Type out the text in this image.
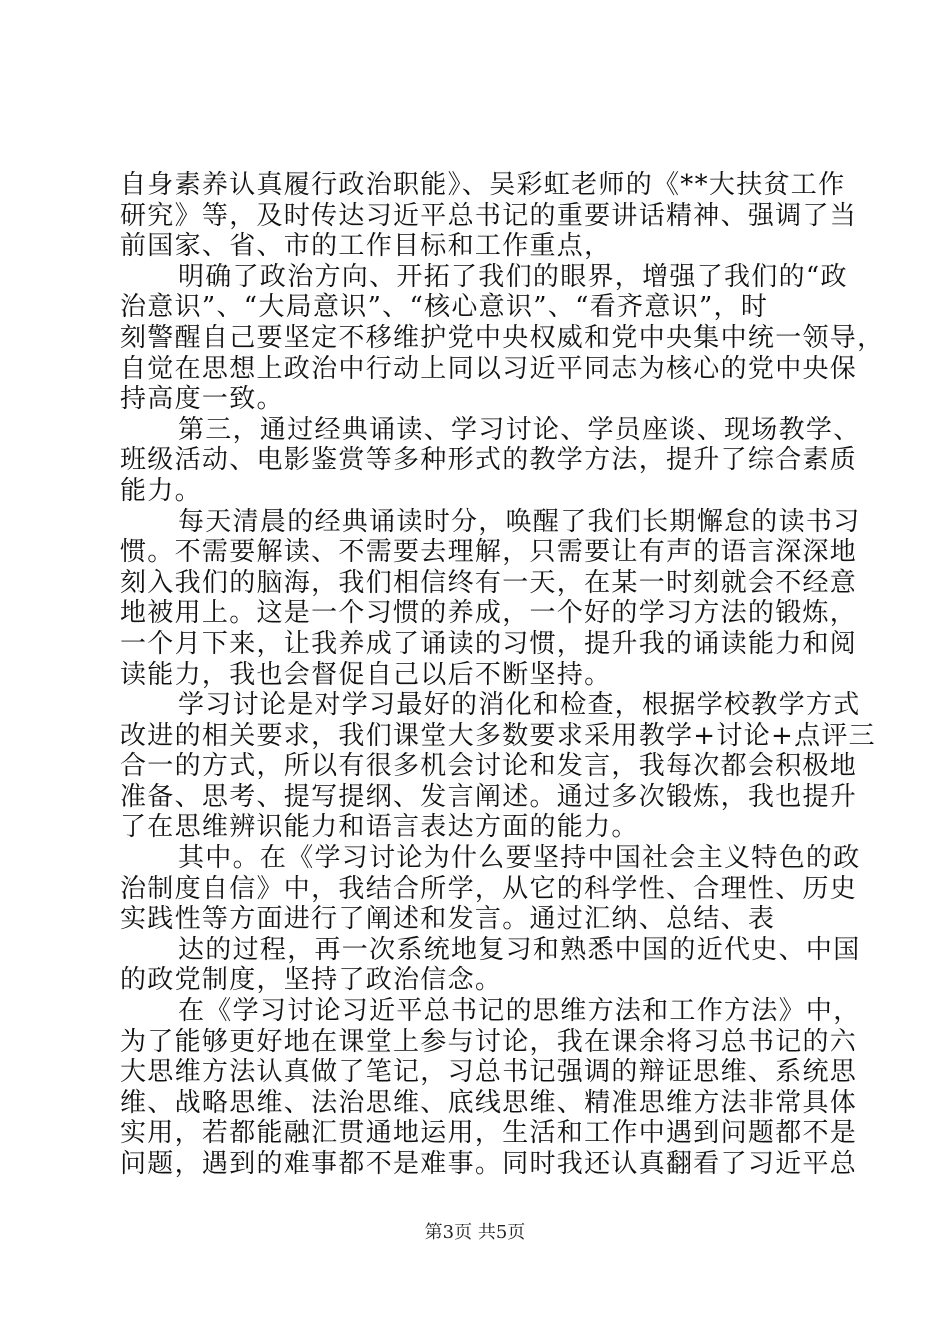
自身素养认真履行政治职能》、吴彩虹老师的《**大扶贫工作
研究》等，及时传达习近平总书记的重要讲话精神、强调了当
前国家、省、市的工作目标和工作重点，
明确了政治方向、开拓了我们的眼界，增强了我们的“政
治意识”、“大局意识”、“核心意识”、“看齐意识”，时
刻警醒自己要坚定不移维护党中央权威和党中央集中统一领导，
自觉在思想上政治中行动上同以习近平同志为核心的党中央保
持高度一致。
第三，通过经典诵读、学习讨论、学员座谈、现场教学、
班级活动、电影鉴赏等多种形式的教学方法，提升了综合素质
能力。
每天清晨的经典诵读时分，唤醒了我们长期懈怠的读书习
惯。不需要解读、不需要去理解，只需要让有声的语言深深地
刻入我们的脑海，我们相信终有一天，在某一时刻就会不经意
地被用上。这是一个习惯的养成，一个好的学习方法的锻炼，
一个月下来，让我养成了诵读的习惯，提升我的诵读能力和阅
读能力，我也会督促自己以后不断坚持。
学习讨论是对学习最好的消化和检查，根据学校教学方式
改进的相关要求，我们课堂大多数要求采用教学+讨论+点评三
合一的方式，所以有很多机会讨论和发言，我每次都会积极地
准备、思考、提写提纲、发言阐述。通过多次锻炼，我也提升
了在思维辨识能力和语言表达方面的能力。
其中。在《学习讨论为什么要坚持中国社会主义特色的政
治制度自信》中，我结合所学，从它的科学性、合理性、历史
实践性等方面进行了阐述和发言。通过汇纳、总结、表
达的过程，再一次系统地复习和熟悉中国的近代史、中国
的政党制度，坚持了政治信念。
在《学习讨论习近平总书记的思维方法和工作方法》中，
为了能够更好地在课堂上参与讨论，我在课余将习总书记的六
大思维方法认真做了笔记，习总书记强调的辩证思维、系统思
维、战略思维、法治思维、底线思维、精准思维方法非常具体
实用，若都能融汇贯通地运用，生活和工作中遇到问题都不是
问题，遇到的难事都不是难事。同时我还认真翻看了习近平总
第3页 共5页
